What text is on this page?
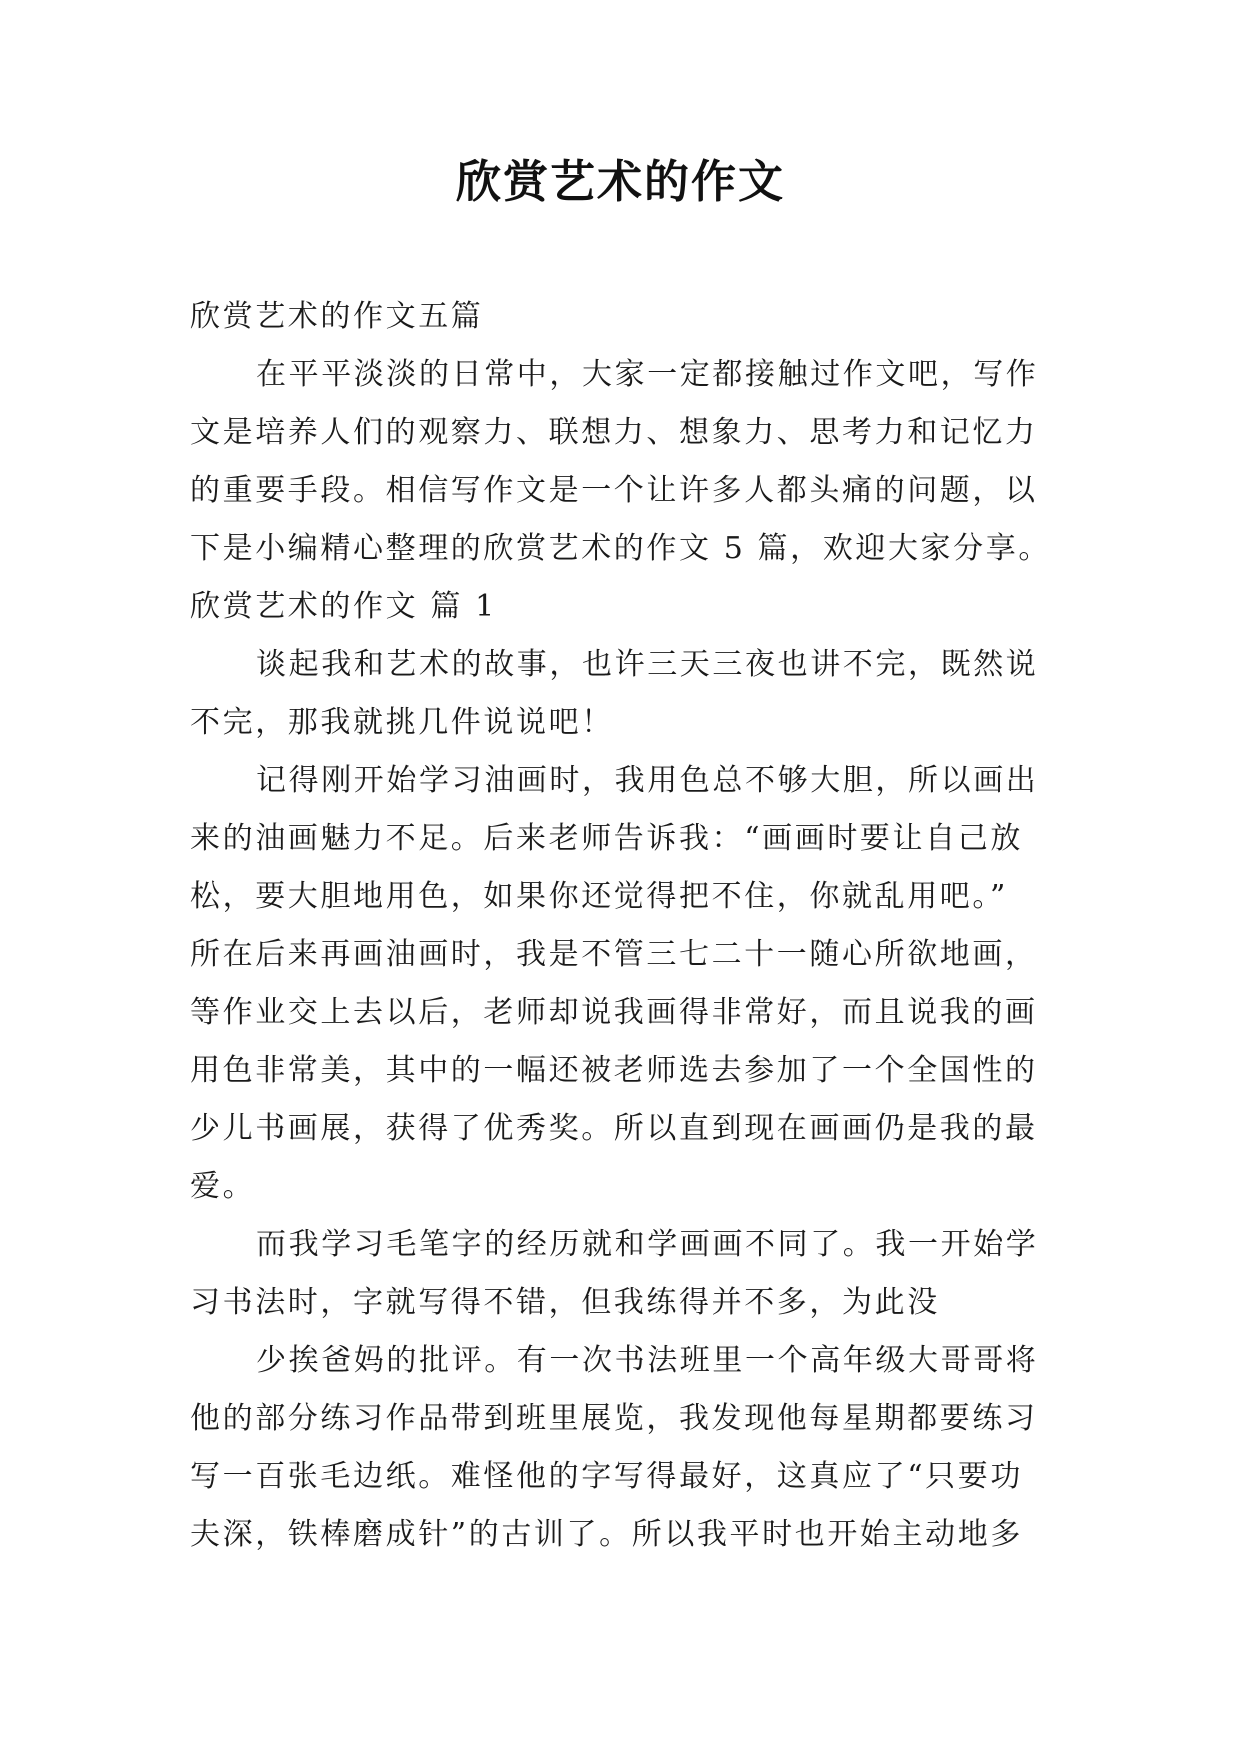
欣赏艺术的作文
欣赏艺术的作文五篇
在平平淡淡的日常中，大家一定都接触过作文吧，写作
文是培养人们的观察力、联想力、想象力、思考力和记忆力
的重要手段。相信写作文是一个让许多人都头痛的问题，以
下是小编精心整理的欣赏艺术的作文 5 篇，欢迎大家分享。
欣赏艺术的作文 篇 1
谈起我和艺术的故事，也许三天三夜也讲不完，既然说
不完，那我就挑几件说说吧！
记得刚开始学习油画时，我用色总不够大胆，所以画出
来的油画魅力不足。后来老师告诉我：“画画时要让自己放
松，要大胆地用色，如果你还觉得把不住，你就乱用吧。”
所在后来再画油画时，我是不管三七二十一随心所欲地画，
等作业交上去以后，老师却说我画得非常好，而且说我的画
用色非常美，其中的一幅还被老师选去参加了一个全国性的
少儿书画展，获得了优秀奖。所以直到现在画画仍是我的最
爱。
而我学习毛笔字的经历就和学画画不同了。我一开始学
习书法时，字就写得不错，但我练得并不多，为此没
少挨爸妈的批评。有一次书法班里一个高年级大哥哥将
他的部分练习作品带到班里展览，我发现他每星期都要练习
写一百张毛边纸。难怪他的字写得最好，这真应了“只要功
夫深，铁棒磨成针”的古训了。所以我平时也开始主动地多
